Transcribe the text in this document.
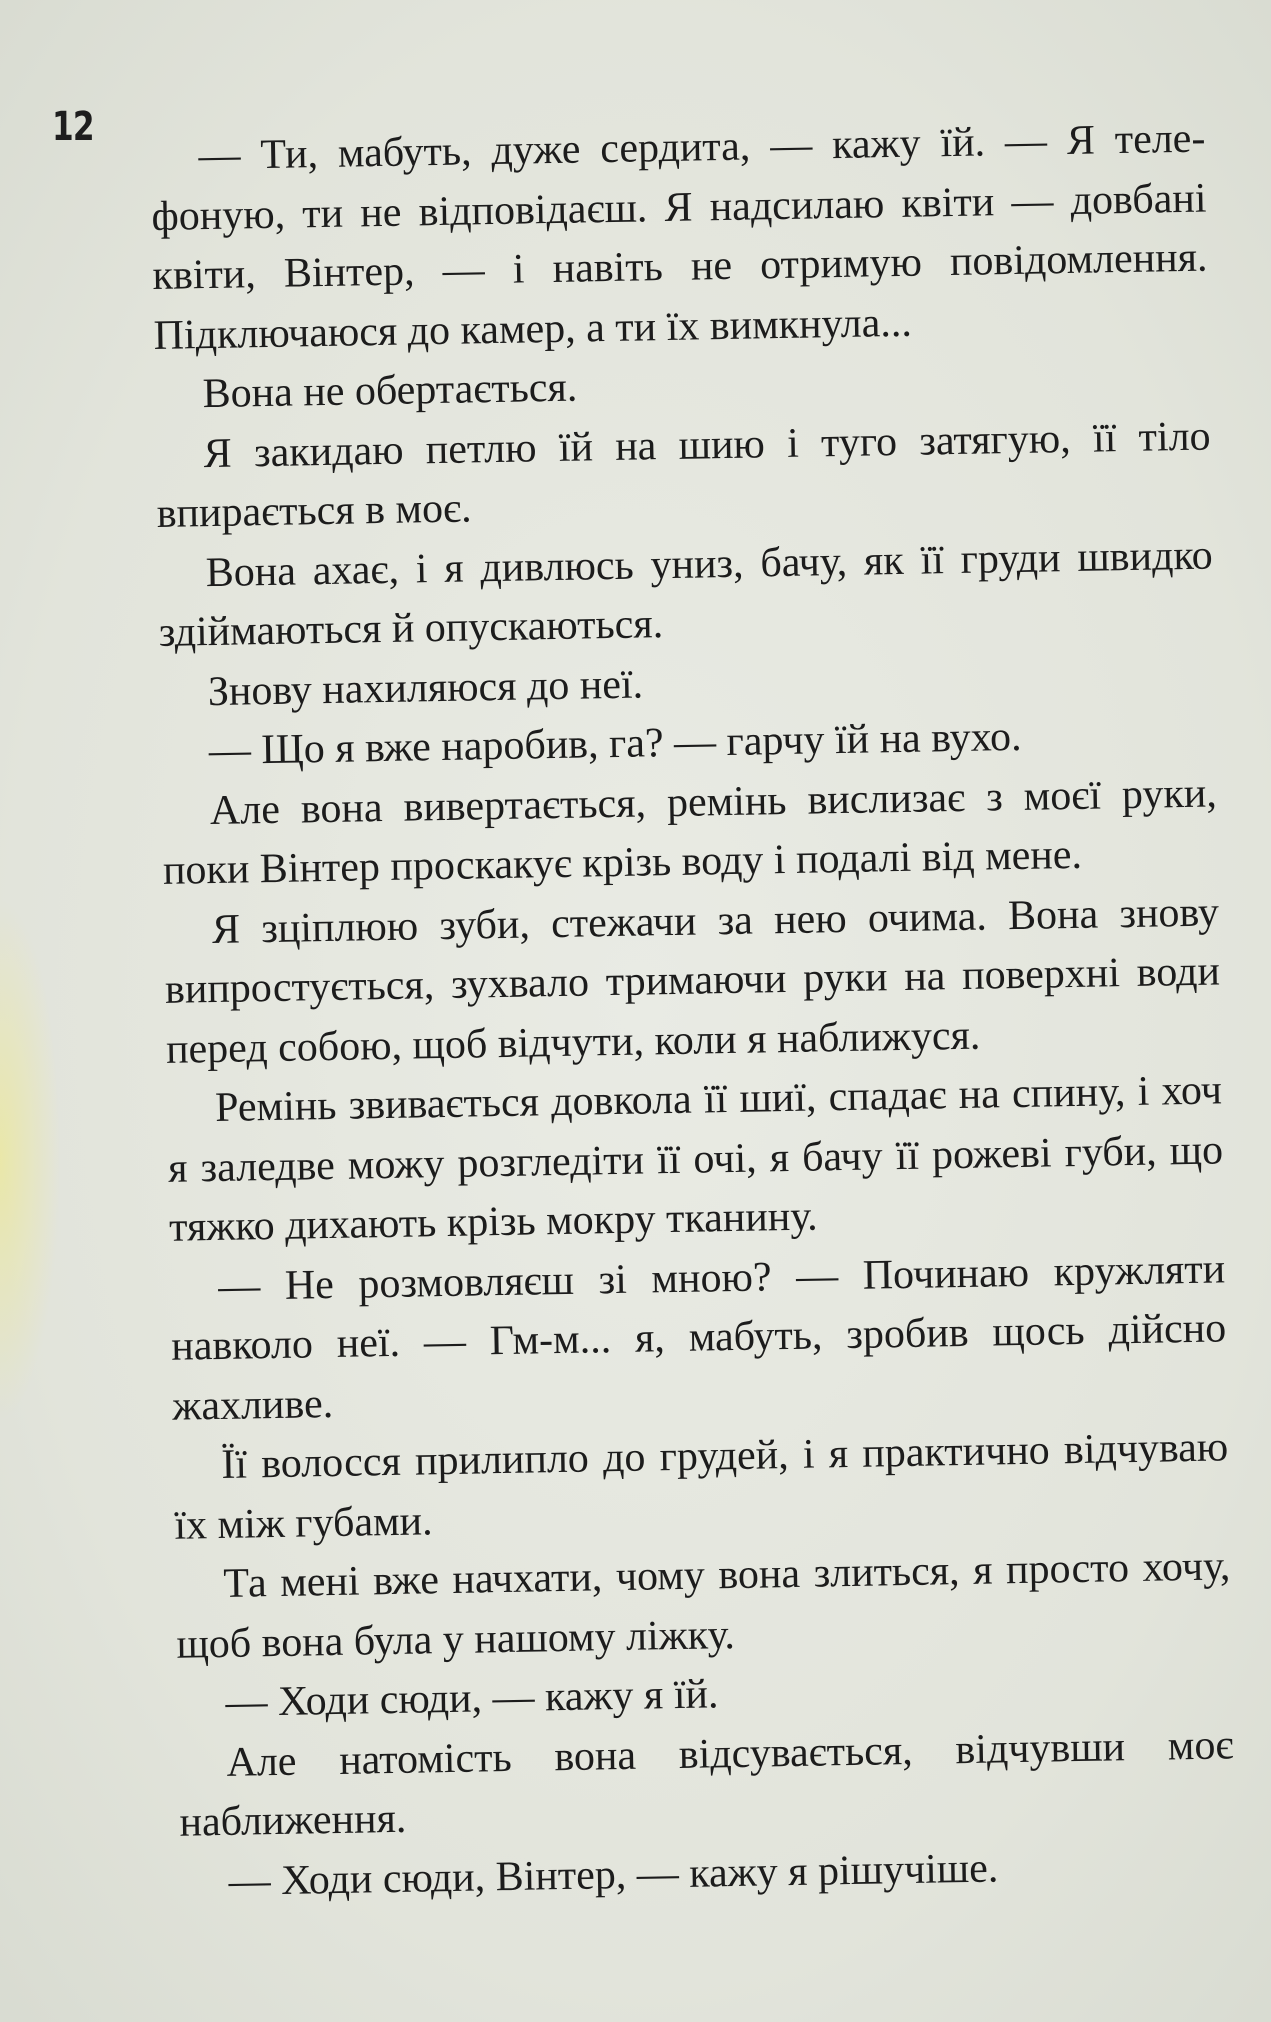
12	— Ти, мабуть, дуже сердита, — кажу їй. — Я телефоную, ти не відповідаєш. Я надсилаю квіти — довбані квіти, Вінтер, — і навіть не отримую повідомлення. Підключаюся до камер, а ти їх вимкнула...

Вона не обертається.

Я закидаю петлю їй на шию і туго затягую, її тіло впирається в моє.

Вона ахає, і я дивлюсь униз, бачу, як її груди швидко здіймаються й опускаються.

Знову нахиляюся до неї.

— Що я вже наробив, га? — гарчу їй на вухо.

Але вона вивертається, ремінь вислизає з моєї руки, поки Вінтер проскакує крізь воду і подалі від мене.

Я зціплюю зуби, стежачи за нею очима. Вона знову випростується, зухвало тримаючи руки на поверхні води перед собою, щоб відчути, коли я наближуся.

Ремінь звивається довкола її шиї, спадає на спину, і хоч я заледве можу розгледіти її очі, я бачу її рожеві губи, що тяжко дихають крізь мокру тканину.

— Не розмовляєш зі мною? — Починаю кружляти навколо неї. — Гм-м... я, мабуть, зробив щось дійсно жахливе.

Її волосся прилипло до грудей, і я практично відчуваю їх між губами.

Та мені вже начхати, чому вона злиться, я просто хочу, щоб вона була у нашому ліжку.

— Ходи сюди, — кажу я їй.

Але натомість вона відсувається, відчувши моє наближення.

— Ходи сюди, Вінтер, — кажу я рішучіше.
